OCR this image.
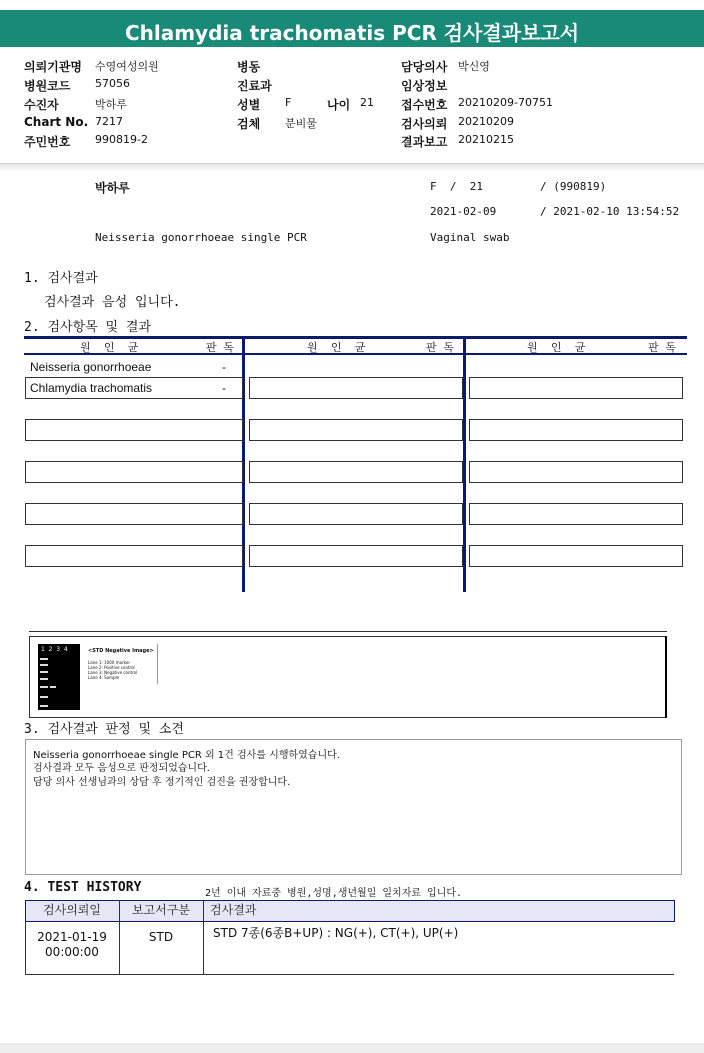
Chlamydia trachomatis PCR 검사결과보고서
의뢰기관명 수영여성의원
병원코드 57056
수진자	박하루
Chart No. 7217
주민번호 990819-2
병동
진료과
성별 F	나이 21
검체 분비물
담당의사 박신영
임상정보
접수번호 20210209-70751
검사의뢰 20210209
결과보고 20210215
박하루	F  /  21	/ (990819)
2021-02-09	/ 2021-02-10 13:54:52
Neisseria gonorrhoeae single PCR	Vaginal swab
1. 검사결과
검사결과 음성 입니다.
2. 검사항목 및 결과
원  인  균	판 독	원  인  균	판 독	원  인  균	판 독
Neisseria gonorrhoeae	-
Chlamydia trachomatis	-
1  2  3  4	<STD Negative Image>
Lane 1: 100X marker
Lane 2: Positive control
Lane 3: Negative control
Lane 4: Sample
3. 검사결과 판정 및 소견
Neisseria gonorrhoeae single PCR 외 1건 검사를 시행하였습니다.
검사결과 모두 음성으로 판정되었습니다.
담당 의사 선생님과의 상담 후 정기적인 검진을 권장합니다.
4. TEST HISTORY	2년 이내 자료중 병원,성명,생년월일 일치자료 입니다.
검사의뢰일	보고서구분	검사결과
2021-01-19
00:00:00
STD	STD 7종(6종B+UP) : NG(+), CT(+), UP(+)
